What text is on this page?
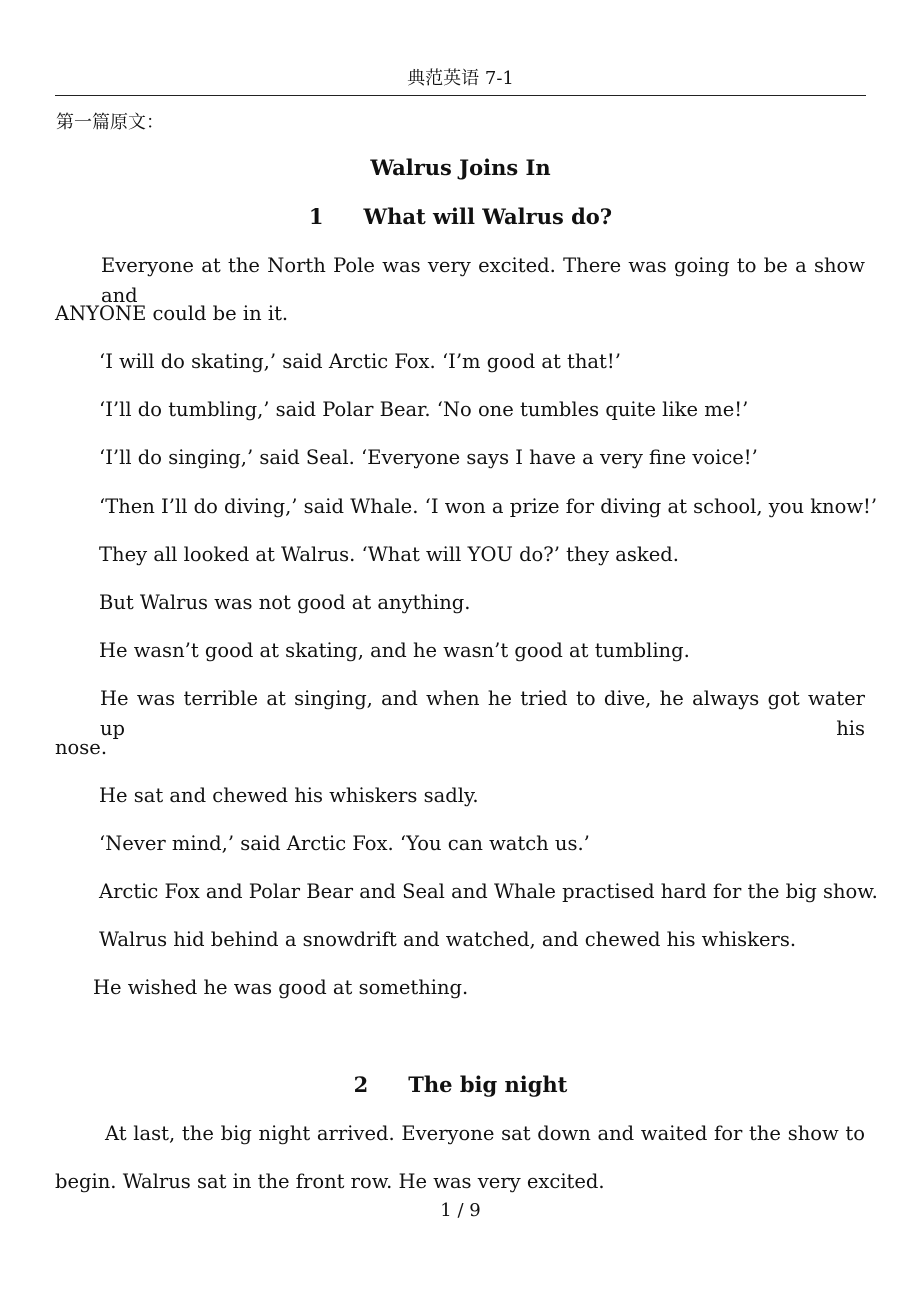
典范英语 7-1
第一篇原文：
Walrus Joins In
1 What will Walrus do?
Everyone at the North Pole was very excited. There was going to be a show and
ANYONE could be in it.
‘I will do skating,’ said Arctic Fox. ‘I’m good at that!’
‘I’ll do tumbling,’ said Polar Bear. ‘No one tumbles quite like me!’
‘I’ll do singing,’ said Seal. ‘Everyone says I have a very fine voice!’
‘Then I’ll do diving,’ said Whale. ‘I won a prize for diving at school, you know!’
They all looked at Walrus. ‘What will YOU do?’ they asked.
But Walrus was not good at anything.
He wasn’t good at skating, and he wasn’t good at tumbling.
He was terrible at singing, and when he tried to dive, he always got water up his
nose.
He sat and chewed his whiskers sadly.
‘Never mind,’ said Arctic Fox. ‘You can watch us.’
Arctic Fox and Polar Bear and Seal and Whale practised hard for the big show.
Walrus hid behind a snowdrift and watched, and chewed his whiskers.
He wished he was good at something.
2 The big night
At last, the big night arrived. Everyone sat down and waited for the show to
begin. Walrus sat in the front row. He was very excited.
1 / 9
